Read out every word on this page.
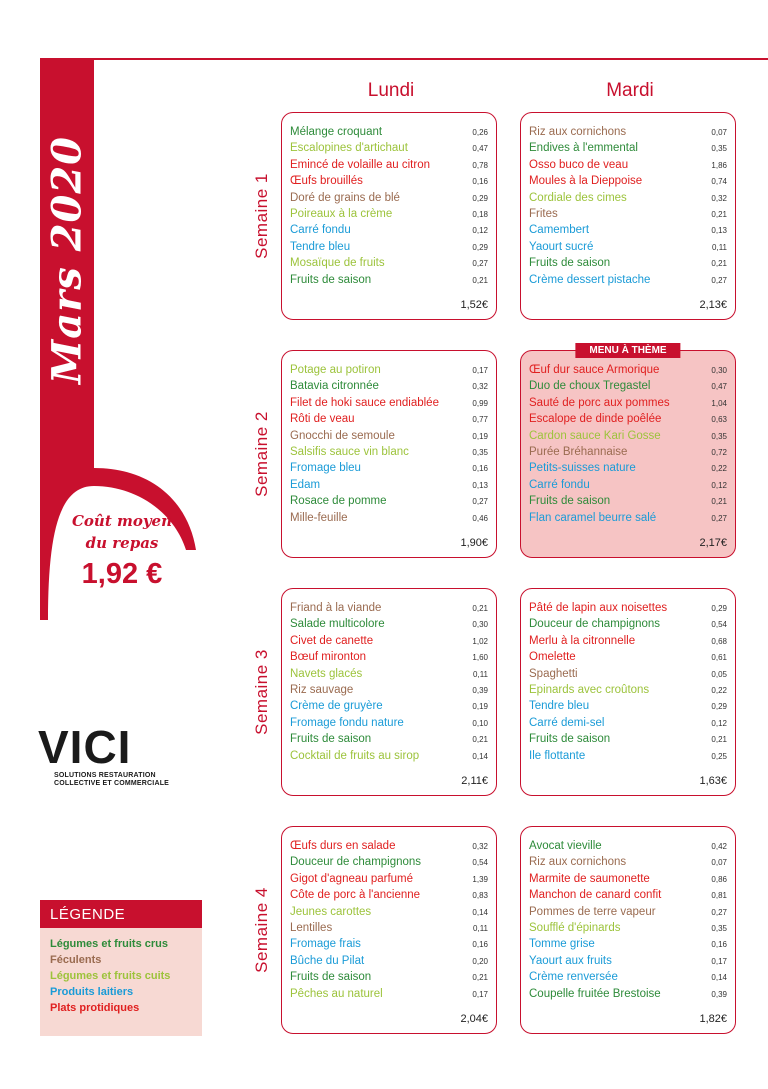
Mars 2020
Coût moyen
du repas
1,92 €
VICI
SOLUTIONS RESTAURATION
COLLECTIVE ET COMMERCIALE
Lundi	Mardi
Semaine 1
Mélange croquant	0,26
Escalopines d'artichaut	0,47
Emincé de volaille au citron	0,78
Œufs brouillés	0,16
Doré de grains de blé	0,29
Poireaux à la crème	0,18
Carré fondu	0,12
Tendre bleu	0,29
Mosaïque de fruits	0,27
Fruits de saison	0,21
1,52€
Riz aux cornichons	0,07
Endives à l'emmental	0,35
Osso buco de veau	1,86
Moules à la Dieppoise	0,74
Cordiale des cimes	0,32
Frites	0,21
Camembert	0,13
Yaourt sucré	0,11
Fruits de saison	0,21
Crème dessert pistache	0,27
2,13€
Semaine 2
Potage au potiron	0,17
Batavia citronnée	0,32
Filet de hoki sauce endiablée	0,99
Rôti de veau	0,77
Gnocchi de semoule	0,19
Salsifis sauce vin blanc	0,35
Fromage bleu	0,16
Edam	0,13
Rosace de pomme	0,27
Mille-feuille	0,46
1,90€
MENU À THÈME
Œuf dur sauce Armorique	0,30
Duo de choux Tregastel	0,47
Sauté de porc aux pommes	1,04
Escalope de dinde poêlée	0,63
Cardon sauce Kari Gosse	0,35
Purée Bréhannaise	0,72
Petits-suisses nature	0,22
Carré fondu	0,12
Fruits de saison	0,21
Flan caramel beurre salé	0,27
2,17€
Semaine 3
Friand à la viande	0,21
Salade multicolore	0,30
Civet de canette	1,02
Bœuf mironton	1,60
Navets glacés	0,11
Riz sauvage	0,39
Crème de gruyère	0,19
Fromage fondu nature	0,10
Fruits de saison	0,21
Cocktail de fruits au sirop	0,14
2,11€
Pâté de lapin aux noisettes	0,29
Douceur de champignons	0,54
Merlu à la citronnelle	0,68
Omelette	0,61
Spaghetti	0,05
Epinards avec croûtons	0,22
Tendre bleu	0,29
Carré demi-sel	0,12
Fruits de saison	0,21
Ile flottante	0,25
1,63€
Semaine 4
Œufs durs en salade	0,32
Douceur de champignons	0,54
Gigot d'agneau parfumé	1,39
Côte de porc à l'ancienne	0,83
Jeunes carottes	0,14
Lentilles	0,11
Fromage frais	0,16
Bûche du Pilat	0,20
Fruits de saison	0,21
Pêches au naturel	0,17
2,04€
Avocat vieville	0,42
Riz aux cornichons	0,07
Marmite de saumonette	0,86
Manchon de canard confit	0,81
Pommes de terre vapeur	0,27
Soufflé d'épinards	0,35
Tomme grise	0,16
Yaourt aux fruits	0,17
Crème renversée	0,14
Coupelle fruitée Brestoise	0,39
1,82€
LÉGENDE
Légumes et fruits crus
Féculents
Légumes et fruits cuits
Produits laitiers
Plats protidiques
